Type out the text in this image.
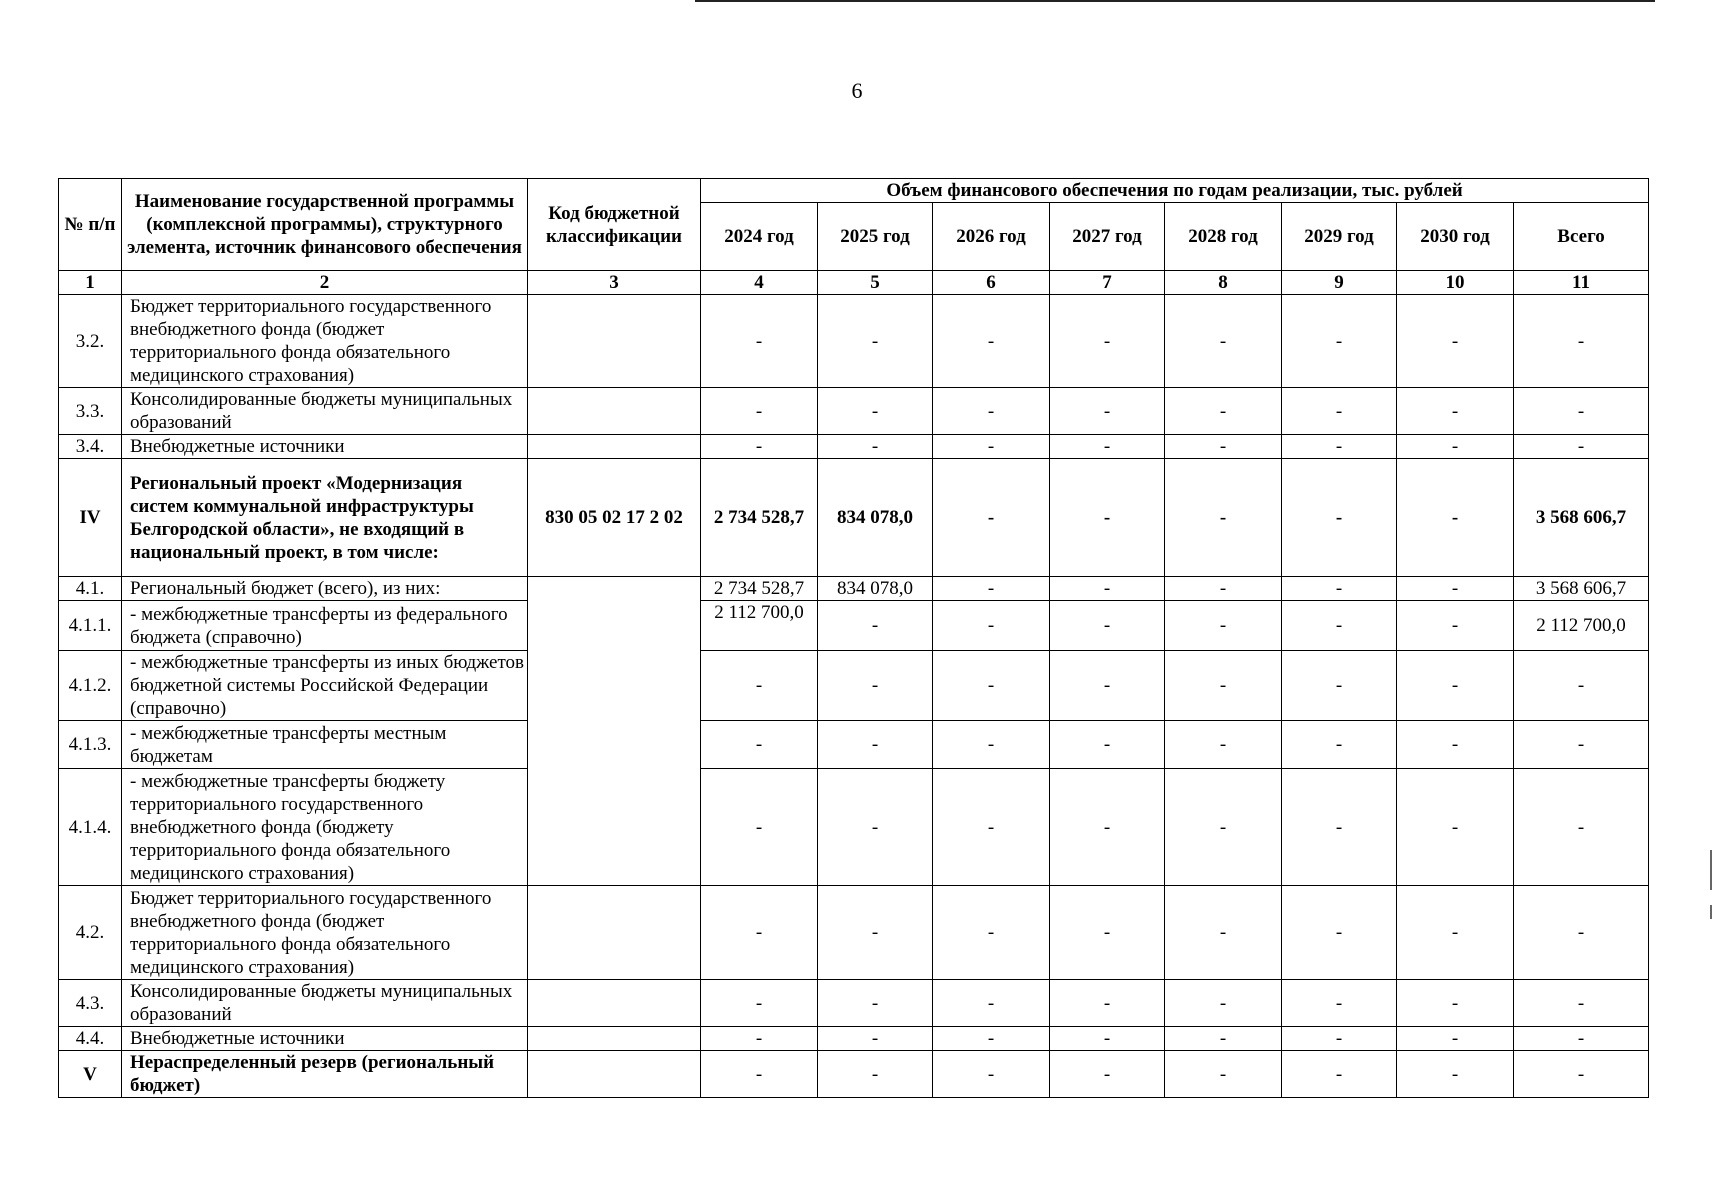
6
№ п/п	Наименование государственной программы (комплексной программы), структурного элемента, источник финансового обеспечения	Код бюджетной классификации	Объем финансового обеспечения по годам реализации, тыс. рублей							
			2024 год	2025 год	2026 год	2027 год	2028 год	2029 год	2030 год	Всего
1	2	3	4	5	6	7	8	9	10	11
3.2.	Бюджет территориального государственного внебюджетного фонда (бюджет территориального фонда обязательного медицинского страхования)		-	-	-	-	-	-	-	-
3.3.	Консолидированные бюджеты муниципальных образований		-	-	-	-	-	-	-	-
3.4.	Внебюджетные источники		-	-	-	-	-	-	-	-
IV	Региональный проект «Модернизация систем коммунальной инфраструктуры Белгородской области», не входящий в национальный проект, в том числе:	830 05 02 17 2 02	2 734 528,7	834 078,0	-	-	-	-	-	3 568 606,7
4.1.	Региональный бюджет (всего), из них:		2 734 528,7	834 078,0	-	-	-	-	-	3 568 606,7
4.1.1.	- межбюджетные трансферты из федерального бюджета (справочно)		2 112 700,0	-	-	-	-	-	-	2 112 700,0
4.1.2.	- межбюджетные трансферты из иных бюджетов бюджетной системы Российской Федерации (справочно)		-	-	-	-	-	-	-	-
4.1.3.	- межбюджетные трансферты местным бюджетам		-	-	-	-	-	-	-	-
4.1.4.	- межбюджетные трансферты бюджету территориального государственного внебюджетного фонда (бюджету территориального фонда обязательного медицинского страхования)		-	-	-	-	-	-	-	-
4.2.	Бюджет территориального государственного внебюджетного фонда (бюджет территориального фонда обязательного медицинского страхования)		-	-	-	-	-	-	-	-
4.3.	Консолидированные бюджеты муниципальных образований		-	-	-	-	-	-	-	-
4.4.	Внебюджетные источники		-	-	-	-	-	-	-	-
V	Нераспределенный резерв (региональный бюджет)		-	-	-	-	-	-	-	-
